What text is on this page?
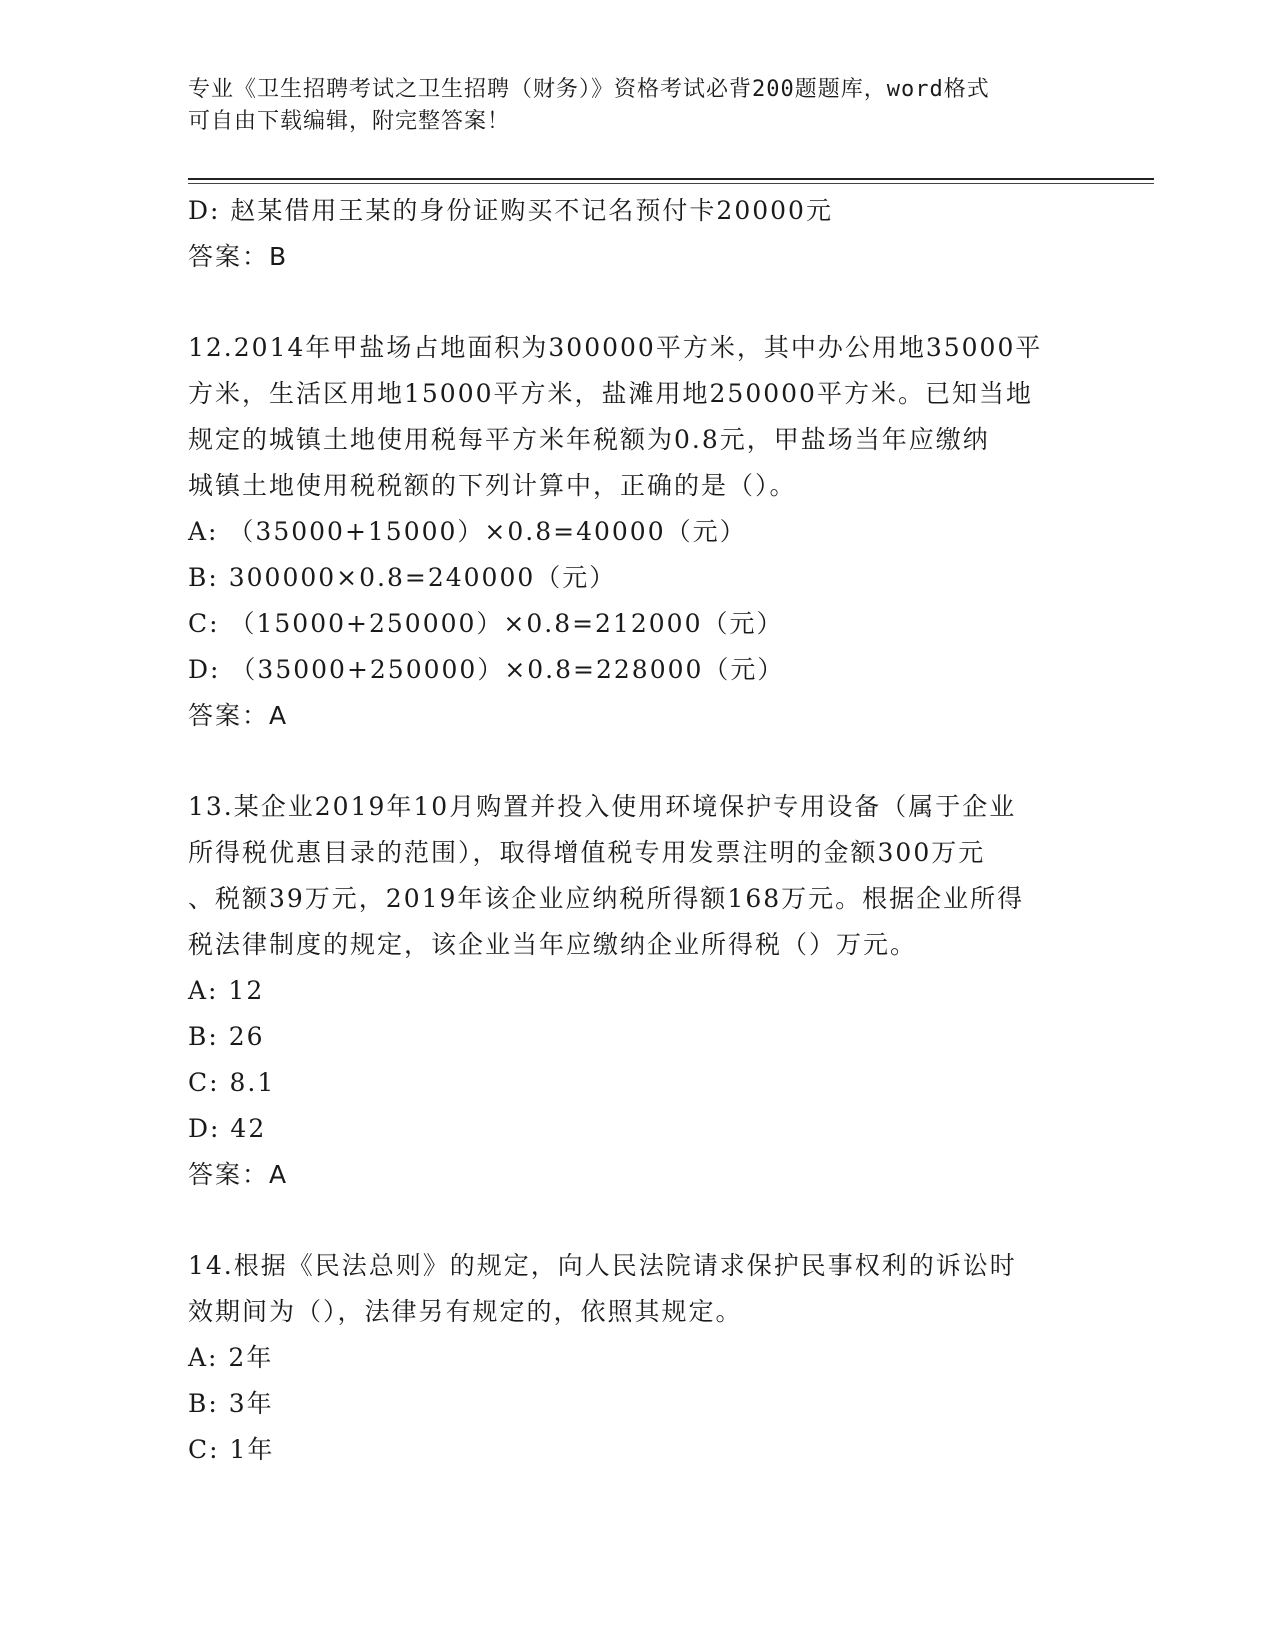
专业《卫生招聘考试之卫生招聘（财务）》资格考试必背200题题库，word格式
可自由下载编辑，附完整答案！
D: 赵某借用王某的身份证购买不记名预付卡20000元
答案：B
12.2014年甲盐场占地面积为300000平方米，其中办公用地35000平
方米，生活区用地15000平方米，盐滩用地250000平方米。已知当地
规定的城镇土地使用税每平方米年税额为0.8元，甲盐场当年应缴纳
城镇土地使用税税额的下列计算中，正确的是（）。
A: （35000+15000）×0.8=40000（元）
B: 300000×0.8=240000（元）
C: （15000+250000）×0.8=212000（元）
D: （35000+250000）×0.8=228000（元）
答案：A
13.某企业2019年10月购置并投入使用环境保护专用设备（属于企业
所得税优惠目录的范围），取得增值税专用发票注明的金额300万元
、税额39万元，2019年该企业应纳税所得额168万元。根据企业所得
税法律制度的规定，该企业当年应缴纳企业所得税（）万元。
A: 12
B: 26
C: 8.1
D: 42
答案：A
14.根据《民法总则》的规定，向人民法院请求保护民事权利的诉讼时
效期间为（），法律另有规定的，依照其规定。
A: 2年
B: 3年
C: 1年
